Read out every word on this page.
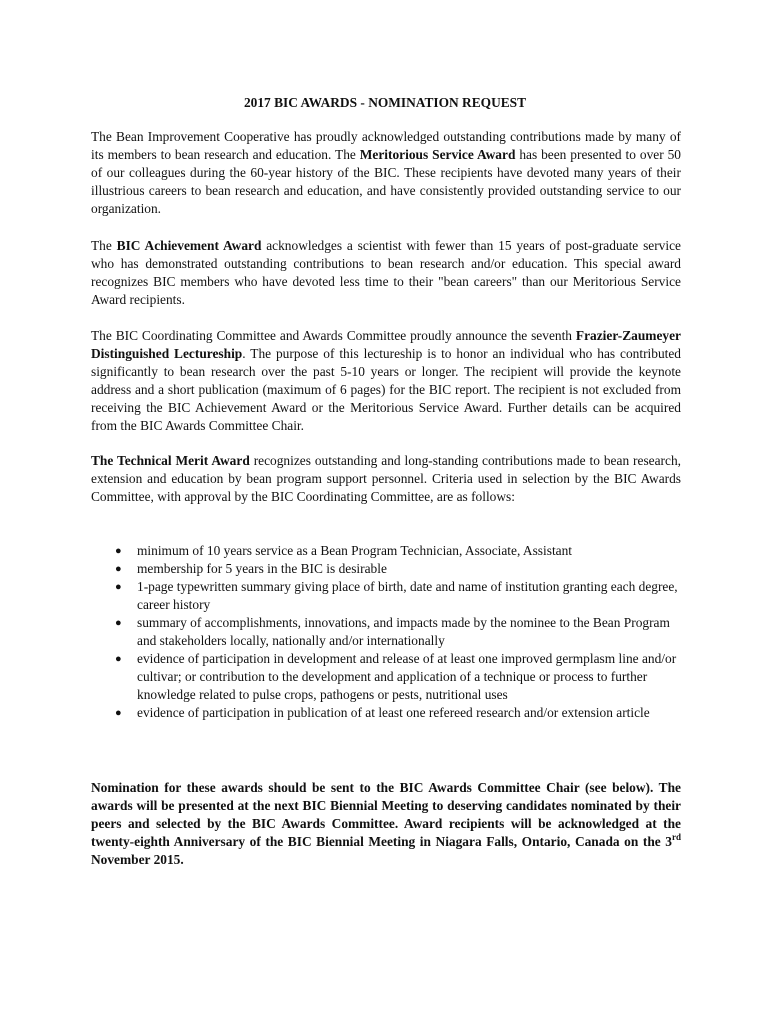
2017 BIC AWARDS - NOMINATION REQUEST
The Bean Improvement Cooperative has proudly acknowledged outstanding contributions made by many of its members to bean research and education. The Meritorious Service Award has been presented to over 50 of our colleagues during the 60-year history of the BIC. These recipients have devoted many years of their illustrious careers to bean research and education, and have consistently provided outstanding service to our organization.
The BIC Achievement Award acknowledges a scientist with fewer than 15 years of post-graduate service who has demonstrated outstanding contributions to bean research and/or education. This special award recognizes BIC members who have devoted less time to their "bean careers" than our Meritorious Service Award recipients.
The BIC Coordinating Committee and Awards Committee proudly announce the seventh Frazier-Zaumeyer Distinguished Lectureship. The purpose of this lectureship is to honor an individual who has contributed significantly to bean research over the past 5-10 years or longer. The recipient will provide the keynote address and a short publication (maximum of 6 pages) for the BIC report. The recipient is not excluded from receiving the BIC Achievement Award or the Meritorious Service Award. Further details can be acquired from the BIC Awards Committee Chair.
The Technical Merit Award recognizes outstanding and long-standing contributions made to bean research, extension and education by bean program support personnel. Criteria used in selection by the BIC Awards Committee, with approval by the BIC Coordinating Committee, are as follows:
● minimum of 10 years service as a Bean Program Technician, Associate, Assistant
● membership for 5 years in the BIC is desirable
● 1-page typewritten summary giving place of birth, date and name of institution granting each degree, career history
● summary of accomplishments, innovations, and impacts made by the nominee to the Bean Program and stakeholders locally, nationally and/or internationally
● evidence of participation in development and release of at least one improved germplasm line and/or cultivar; or contribution to the development and application of a technique or process to further knowledge related to pulse crops, pathogens or pests, nutritional uses
● evidence of participation in publication of at least one refereed research and/or extension article
Nomination for these awards should be sent to the BIC Awards Committee Chair (see below). The awards will be presented at the next BIC Biennial Meeting to deserving candidates nominated by their peers and selected by the BIC Awards Committee. Award recipients will be acknowledged at the twenty-eighth Anniversary of the BIC Biennial Meeting in Niagara Falls, Ontario, Canada on the 3rd November 2015.
